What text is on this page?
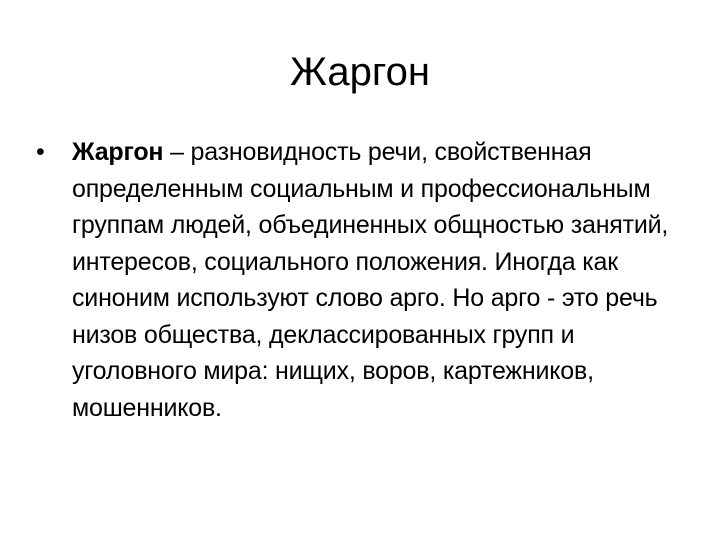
Жаргон
• Жаргон – разновидность речи, свойственная определенным социальным и профессиональным группам людей, объединенных общностью занятий, интересов, социального положения. Иногда как синоним используют слово арго. Но арго - это речь низов общества, деклассированных групп и уголовного мира: нищих, воров, картежников, мошенников.
